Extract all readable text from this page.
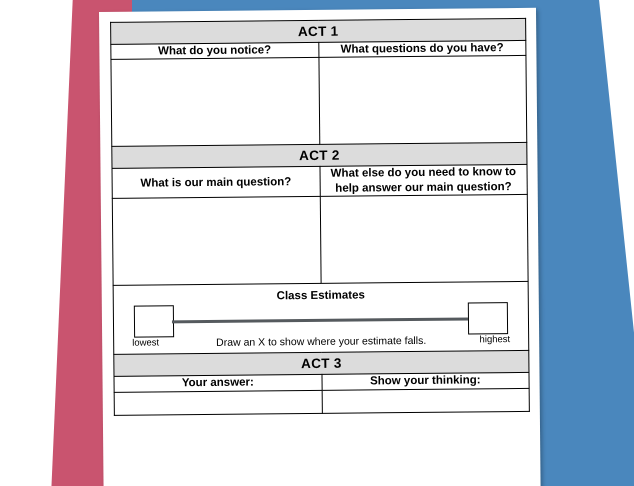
ACT 1	
What do you notice?	What questions do you have?

ACT 2	
What is our main question?	What else do you need to know to help answer our main question?

Class Estimates
lowest Draw an X to show where your estimate falls. highest	

ACT 3	
Your answer:	Show your thinking:
